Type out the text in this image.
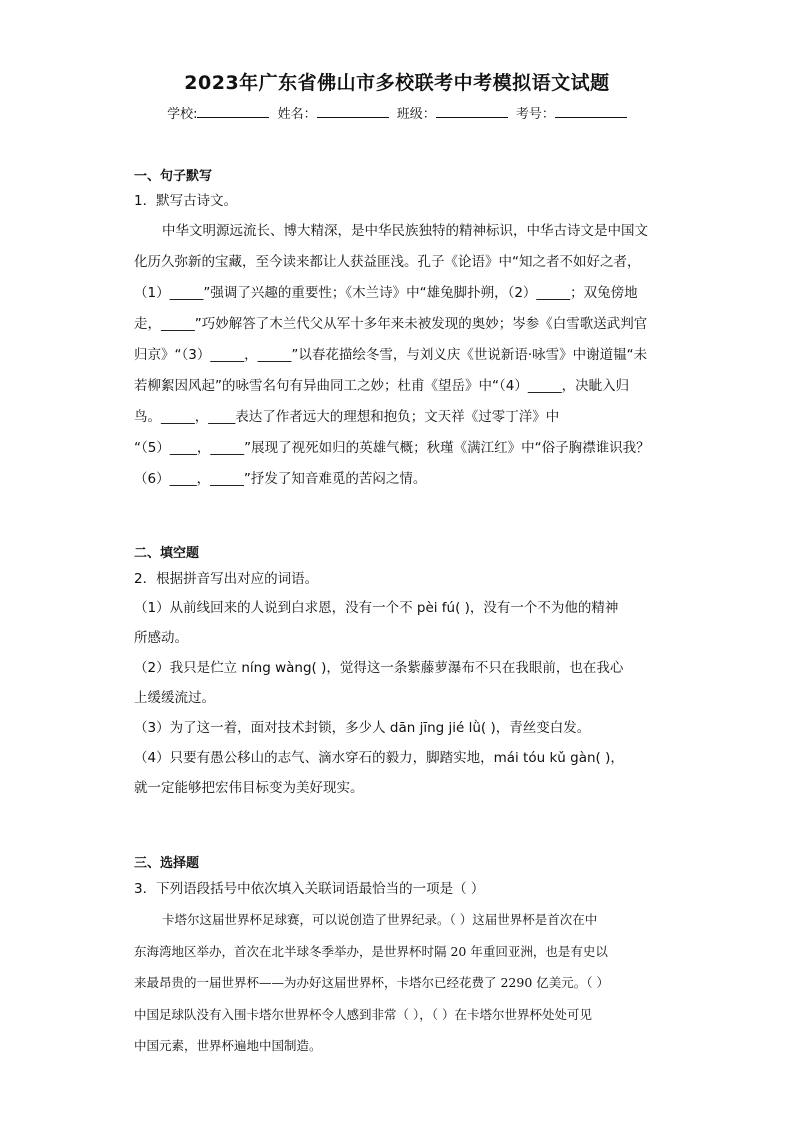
2023年广东省佛山市多校联考中考模拟语文试题
学校:	姓名：	班级：	考号：
一、句子默写
1．默写古诗文。
中华文明源远流长、博大精深，是中华民族独特的精神标识，中华古诗文是中国文
化历久弥新的宝藏，至今读来都让人获益匪浅。孔子《论语》中“知之者不如好之者，
（1）_____”强调了兴趣的重要性；《木兰诗》中“雄兔脚扑朔，（2）_____；双兔傍地
走，_____”巧妙解答了木兰代父从军十多年来未被发现的奥妙；岑参《白雪歌送武判官
归京》“（3）_____，_____”以春花描绘冬雪，与刘义庆《世说新语·咏雪》中谢道韫“未
若柳絮因风起”的咏雪名句有异曲同工之妙；杜甫《望岳》中“（4）_____，决眦入归
鸟。_____，____表达了作者远大的理想和抱负；文天祥《过零丁洋》中
“（5）____，_____”展现了视死如归的英雄气概；秋瑾《满江红》中“俗子胸襟谁识我？
（6）____，_____”抒发了知音难觅的苦闷之情。
二、填空题
2．根据拼音写出对应的词语。
（1）从前线回来的人说到白求恩，没有一个不 pèi fú( )，没有一个不为他的精神
所感动。
（2）我只是伫立 níng wàng( )，觉得这一条紫藤萝瀑布不只在我眼前，也在我心
上缓缓流过。
（3）为了这一着，面对技术封锁，多少人 dān jīng jié lǜ( )，青丝变白发。
（4）只要有愚公移山的志气、滴水穿石的毅力，脚踏实地，mái tóu kǔ gàn( )，
就一定能够把宏伟目标变为美好现实。
三、选择题
3．下列语段括号中依次填入关联词语最恰当的一项是（ ）
卡塔尔这届世界杯足球赛，可以说创造了世界纪录。（ ）这届世界杯是首次在中
东海湾地区举办，首次在北半球冬季举办，是世界杯时隔 20 年重回亚洲，也是有史以
来最昂贵的一届世界杯——为办好这届世界杯，卡塔尔已经花费了 2290 亿美元。（ ）
中国足球队没有入围卡塔尔世界杯令人感到非常（ ），（ ）在卡塔尔世界杯处处可见
中国元素，世界杯遍地中国制造。
